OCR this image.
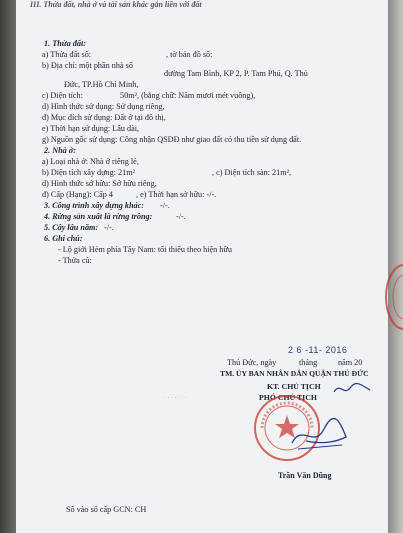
III. Thửa đất, nhà ở và tài sản khác gắn liền với đất
1. Thửa đất:
a) Thửa đất số:	, tờ bản đồ số:
b) Địa chỉ: một phần nhà số
đường Tam Bình, KP 2, P. Tam Phú, Q. Thủ
Đức, TP.Hồ Chí Minh,
c) Diện tích:	50m², (bằng chữ: Năm mươi mét vuông),
d) Hình thức sử dụng: Sử dụng riêng,
đ) Mục đích sử dụng: Đất ở tại đô thị,
e) Thời hạn sử dụng: Lâu dài,
g) Nguồn gốc sử dụng: Công nhận QSDĐ như giao đất có thu tiền sử dụng đất.
2. Nhà ở:
a) Loại nhà ở: Nhà ở riêng lẻ,
b) Diện tích xây dựng: 21m²	, c) Diện tích sàn: 21m²,
d) Hình thức sở hữu: Sở hữu riêng,
đ) Cấp (Hạng): Cấp 4	, e) Thời hạn sở hữu: -/-.
3. Công trình xây dựng khác: -/-.
4. Rừng sản xuất là rừng trồng:	-/-.
5. Cây lâu năm: -/-.
6. Ghi chú:
- Lộ giới Hẻm phía Tây Nam: tối thiểu theo hiện hữu
- Thửa cũ:
2 6 -11- 2016
Thủ Đức, ngày	tháng	năm 20
TM. ỦY BAN NHÂN DÂN QUẬN THỦ ĐỨC
KT. CHỦ TỊCH
PHÓ CHỦ TỊCH
. . . . . . .
Trần Văn Dũng
Số vào sổ cấp GCN: CH
